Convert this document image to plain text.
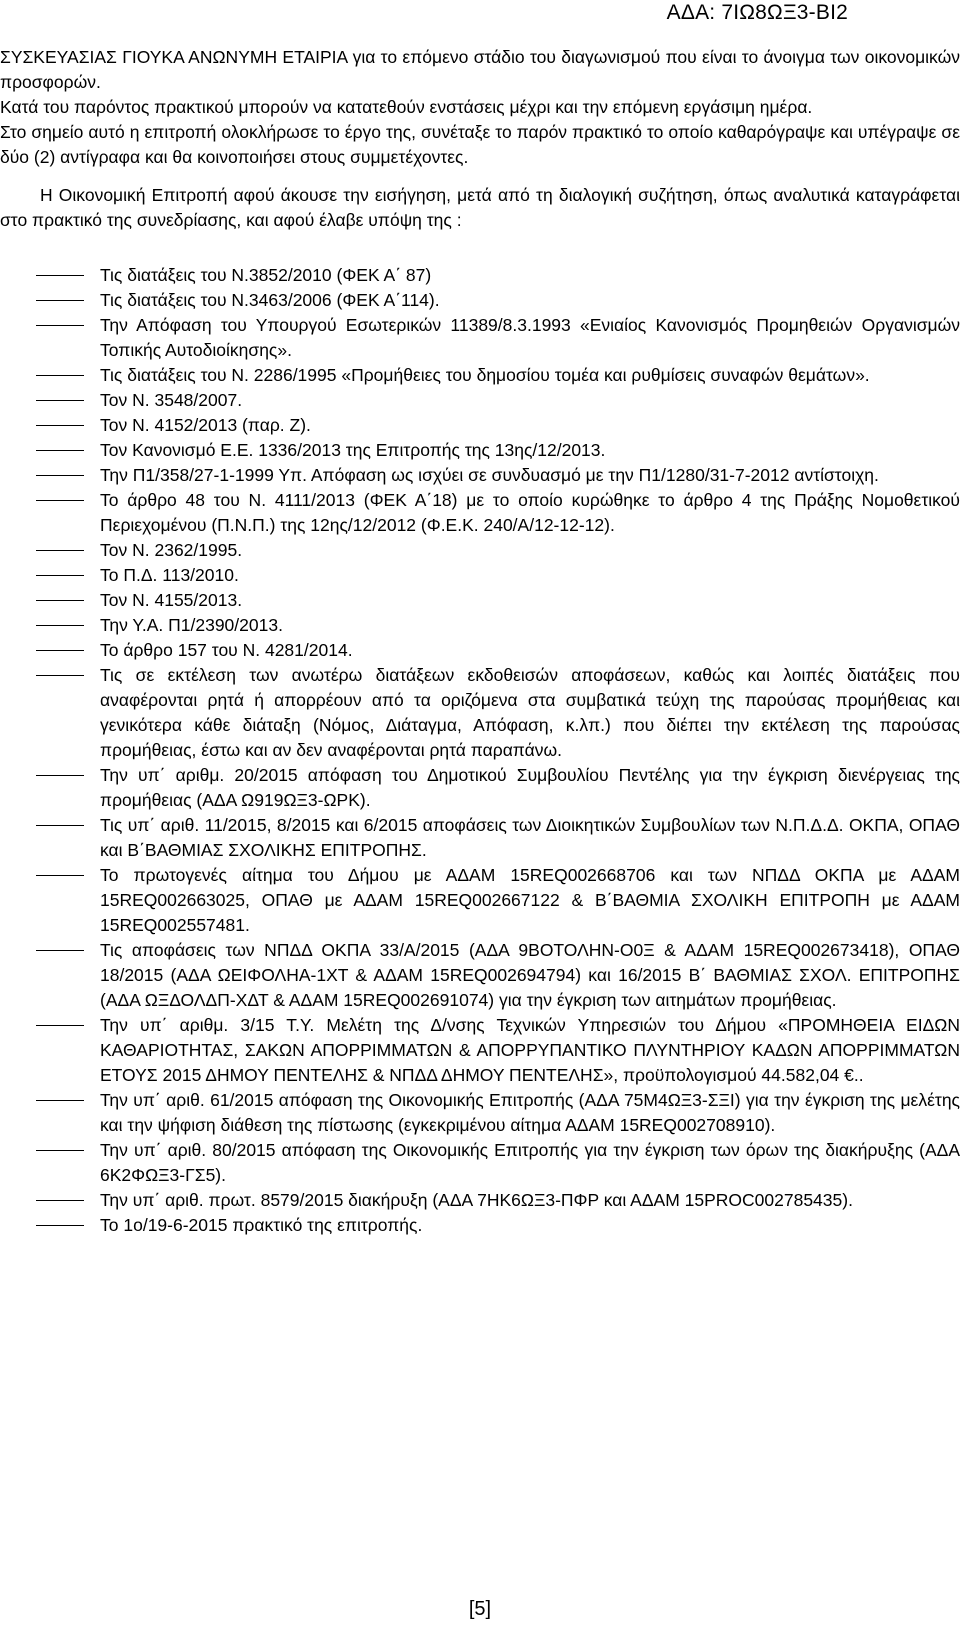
ΑΔΑ: 7ΙΩ8ΩΞ3-ΒΙ2

ΣΥΣΚΕΥΑΣΙΑΣ ΓΙΟΥΚΑ ΑΝΩΝΥΜΗ ΕΤΑΙΡΙΑ για το επόμενο στάδιο του διαγωνισμού που είναι το άνοιγμα των οικονομικών προσφορών.

Κατά του παρόντος πρακτικού μπορούν να κατατεθούν ενστάσεις μέχρι και την επόμενη εργάσιμη ημέρα.

Στο σημείο αυτό η επιτροπή ολοκλήρωσε το έργο της, συνέταξε το παρόν πρακτικό το οποίο καθαρόγραψε και υπέγραψε σε δύο (2) αντίγραφα και θα κοινοποιήσει στους συμμετέχοντες.

Η Οικονομική Επιτροπή αφού άκουσε την εισήγηση, μετά από τη διαλογική συζήτηση, όπως αναλυτικά καταγράφεται στο πρακτικό της συνεδρίασης, και αφού έλαβε υπόψη της :

Τις διατάξεις του Ν.3852/2010 (ΦΕΚ Α΄ 87)
Τις διατάξεις του Ν.3463/2006 (ΦΕΚ Α΄114).
Την Απόφαση του Υπουργού Εσωτερικών 11389/8.3.1993 «Ενιαίος Κανονισμός Προμηθειών Οργανισμών Τοπικής Αυτοδιοίκησης».
Τις διατάξεις του Ν. 2286/1995 «Προμήθειες του δημοσίου τομέα και ρυθμίσεις συναφών θεμάτων».
Τον Ν. 3548/2007.
Τον Ν. 4152/2013 (παρ. Ζ).
Τον Κανονισμό Ε.Ε. 1336/2013 της Επιτροπής της 13ης/12/2013.
Την Π1/358/27-1-1999 Υπ. Απόφαση ως ισχύει σε συνδυασμό με την Π1/1280/31-7-2012 αντίστοιχη.
Το άρθρο 48 του Ν. 4111/2013 (ΦΕΚ Α΄18) με το οποίο κυρώθηκε το άρθρο 4 της Πράξης Νομοθετικού Περιεχομένου (Π.Ν.Π.) της 12ης/12/2012 (Φ.Ε.Κ. 240/Α/12-12-12).
Τον Ν. 2362/1995.
Το Π.Δ. 113/2010.
Τον Ν. 4155/2013.
Την Υ.Α. Π1/2390/2013.
Το άρθρο 157 του Ν. 4281/2014.
Τις σε εκτέλεση των ανωτέρω διατάξεων εκδοθεισών αποφάσεων, καθώς και λοιπές διατάξεις που αναφέρονται ρητά ή απορρέουν από τα οριζόμενα στα συμβατικά τεύχη της παρούσας προμήθειας και γενικότερα κάθε διάταξη (Νόμος, Διάταγμα, Απόφαση, κ.λπ.) που διέπει την εκτέλεση της παρούσας προμήθειας, έστω και αν δεν αναφέρονται ρητά παραπάνω.
Την υπ΄ αριθμ. 20/2015 απόφαση του Δημοτικού Συμβουλίου Πεντέλης για την έγκριση διενέργειας της προμήθειας (ΑΔΑ Ω919ΩΞ3-ΩΡΚ).
Τις υπ΄ αριθ. 11/2015, 8/2015 και 6/2015 αποφάσεις των Διοικητικών Συμβουλίων των Ν.Π.Δ.Δ. ΟΚΠΑ, ΟΠΑΘ και Β΄ΒΑΘΜΙΑΣ ΣΧΟΛΙΚΗΣ ΕΠΙΤΡΟΠΗΣ.
Το πρωτογενές αίτημα του Δήμου με ΑΔΑΜ 15REQ002668706 και των ΝΠΔΔ ΟΚΠΑ με ΑΔΑΜ 15REQ002663025, ΟΠΑΘ με ΑΔΑΜ 15REQ002667122 & Β΄ΒΑΘΜΙΑ ΣΧΟΛΙΚΗ ΕΠΙΤΡΟΠΗ με ΑΔΑΜ 15REQ002557481.
Τις αποφάσεις των ΝΠΔΔ ΟΚΠΑ 33/Α/2015 (ΑΔΑ 9ΒΟΤΟΛΗΝ-Ο0Ξ & ΑΔΑΜ 15REQ002673418), ΟΠΑΘ 18/2015 (ΑΔΑ ΩΕΙΦΟΛΗΑ-1ΧΤ & ΑΔΑΜ 15REQ002694794) και 16/2015 Β΄ ΒΑΘΜΙΑΣ ΣΧΟΛ. ΕΠΙΤΡΟΠΗΣ (ΑΔΑ ΩΞΔΟΛΔΠ-ΧΔΤ & ΑΔΑΜ 15REQ002691074) για την έγκριση των αιτημάτων προμήθειας.
Την υπ΄ αριθμ. 3/15 Τ.Υ. Μελέτη της Δ/νσης Τεχνικών Υπηρεσιών του Δήμου «ΠΡΟΜΗΘΕΙΑ ΕΙΔΩΝ ΚΑΘΑΡΙΟΤΗΤΑΣ, ΣΑΚΩΝ ΑΠΟΡΡΙΜΜΑΤΩΝ & ΑΠΟΡΡΥΠΑΝΤΙΚΟ ΠΛΥΝΤΗΡΙΟΥ ΚΑΔΩΝ ΑΠΟΡΡΙΜΜΑΤΩΝ ΕΤΟΥΣ 2015 ΔΗΜΟΥ ΠΕΝΤΕΛΗΣ & ΝΠΔΔ ΔΗΜΟΥ ΠΕΝΤΕΛΗΣ», προϋπολογισμού 44.582,04 €..
Την υπ΄ αριθ. 61/2015 απόφαση της Οικονομικής Επιτροπής (ΑΔΑ 75Μ4ΩΞ3-ΣΞΙ) για την έγκριση της μελέτης και την ψήφιση διάθεση της πίστωσης (εγκεκριμένου αίτημα ΑΔΑΜ 15REQ002708910).
Την υπ΄ αριθ. 80/2015 απόφαση της Οικονομικής Επιτροπής για την έγκριση των όρων της διακήρυξης (ΑΔΑ 6Κ2ΦΩΞ3-ΓΣ5).
Την υπ΄ αριθ. πρωτ. 8579/2015 διακήρυξη (ΑΔΑ 7ΗΚ6ΩΞ3-ΠΦΡ και ΑΔΑΜ 15PROC002785435).
Το 1ο/19-6-2015 πρακτικό της επιτροπής.
[5]
